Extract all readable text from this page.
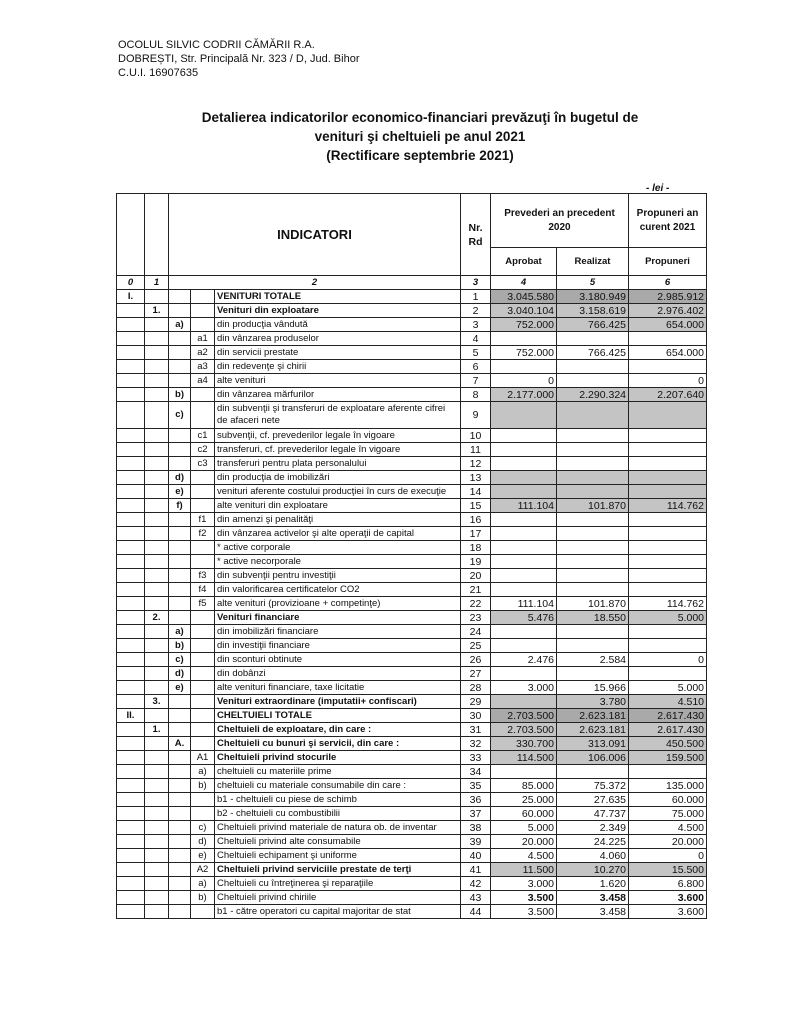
OCOLUL SILVIC CODRII CĂMĂRII R.A.
DOBREȘTI, Str. Principală Nr. 323 / D, Jud. Bihor
C.U.I. 16907635
Detalierea indicatorilor economico-financiari prevăzuţi în bugetul de
venituri şi cheltuieli pe anul 2021
(Rectificare septembrie 2021)
- lei -
		INDICATORI			Nr. Rd	Prevederi an precedent 2020		Propuneri an curent 2021
						Aprobat	Realizat	Propuneri
0	1	2			3	4	5	6
I.				VENITURI TOTALE	1	3.045.580	3.180.949	2.985.912
	1.			Venituri din exploatare	2	3.040.104	3.158.619	2.976.402
		a)		din producţia vândută	3	752.000	766.425	654.000
			a1	din vânzarea produselor	4			
			a2	din servicii prestate	5	752.000	766.425	654.000
			a3	din redevenţe şi chirii	6			
			a4	alte venituri	7	0		0
		b)		din vânzarea mărfurilor	8	2.177.000	2.290.324	2.207.640
		c)		din subvenţii şi transferuri de exploatare aferente cifrei de afaceri nete	9			
			c1	subvenţii, cf. prevederilor legale în vigoare	10			
			c2	transferuri, cf. prevederilor legale în vigoare	11			
			c3	transferuri pentru plata personalului	12			
		d)		din producţia de imobilizări	13			
		e)		venituri aferente costului producţiei în curs de execuţie	14			
		f)		alte venituri din exploatare	15	111.104	101.870	114.762
			f1	din amenzi şi penalităţi	16			
			f2	din vânzarea activelor şi alte operaţii de capital	17			
				* active corporale	18			
				* active necorporale	19			
			f3	din subvenţii pentru investiţii	20			
			f4	din valorificarea certificatelor CO2	21			
			f5	alte venituri (provizioane + competinţe)	22	111.104	101.870	114.762
	2.			Venituri financiare	23	5.476	18.550	5.000
		a)		din imobilizări financiare	24			
		b)		din investiţii financiare	25			
		c)		din sconturi obtinute	26	2.476	2.584	0
		d)		din dobânzi	27			
		e)		alte venituri financiare, taxe licitatie	28	3.000	15.966	5.000
	3.			Venituri extraordinare (imputatii+ confiscari)	29		3.780	4.510
II.				CHELTUIELI TOTALE	30	2.703.500	2.623.181	2.617.430
	1.			Cheltuieli de exploatare, din care :	31	2.703.500	2.623.181	2.617.430
		A.		Cheltuieli cu bunuri şi servicii, din care :	32	330.700	313.091	450.500
			A1	Cheltuieli privind stocurile	33	114.500	106.006	159.500
			a)	cheltuieli cu materiile prime	34			
			b)	cheltuieli cu materiale consumabile din care :	35	85.000	75.372	135.000
				b1 - cheltuieli cu piese de schimb	36	25.000	27.635	60.000
				b2 - cheltuieli cu combustibilii	37	60.000	47.737	75.000
			c)	Cheltuieli privind materiale de natura ob. de inventar	38	5.000	2.349	4.500
			d)	Cheltuieli privind alte consumabile	39	20.000	24.225	20.000
			e)	Cheltuieli echipament şi uniforme	40	4.500	4.060	0
			A2	Cheltuieli privind serviciile prestate de terţi	41	11.500	10.270	15.500
			a)	Cheltuieli cu întreţinerea şi reparaţiile	42	3.000	1.620	6.800
			b)	Cheltuieli privind chiriile	43	3.500	3.458	3.600
				b1 - către operatori cu capital majoritar de stat	44	3.500	3.458	3.600
